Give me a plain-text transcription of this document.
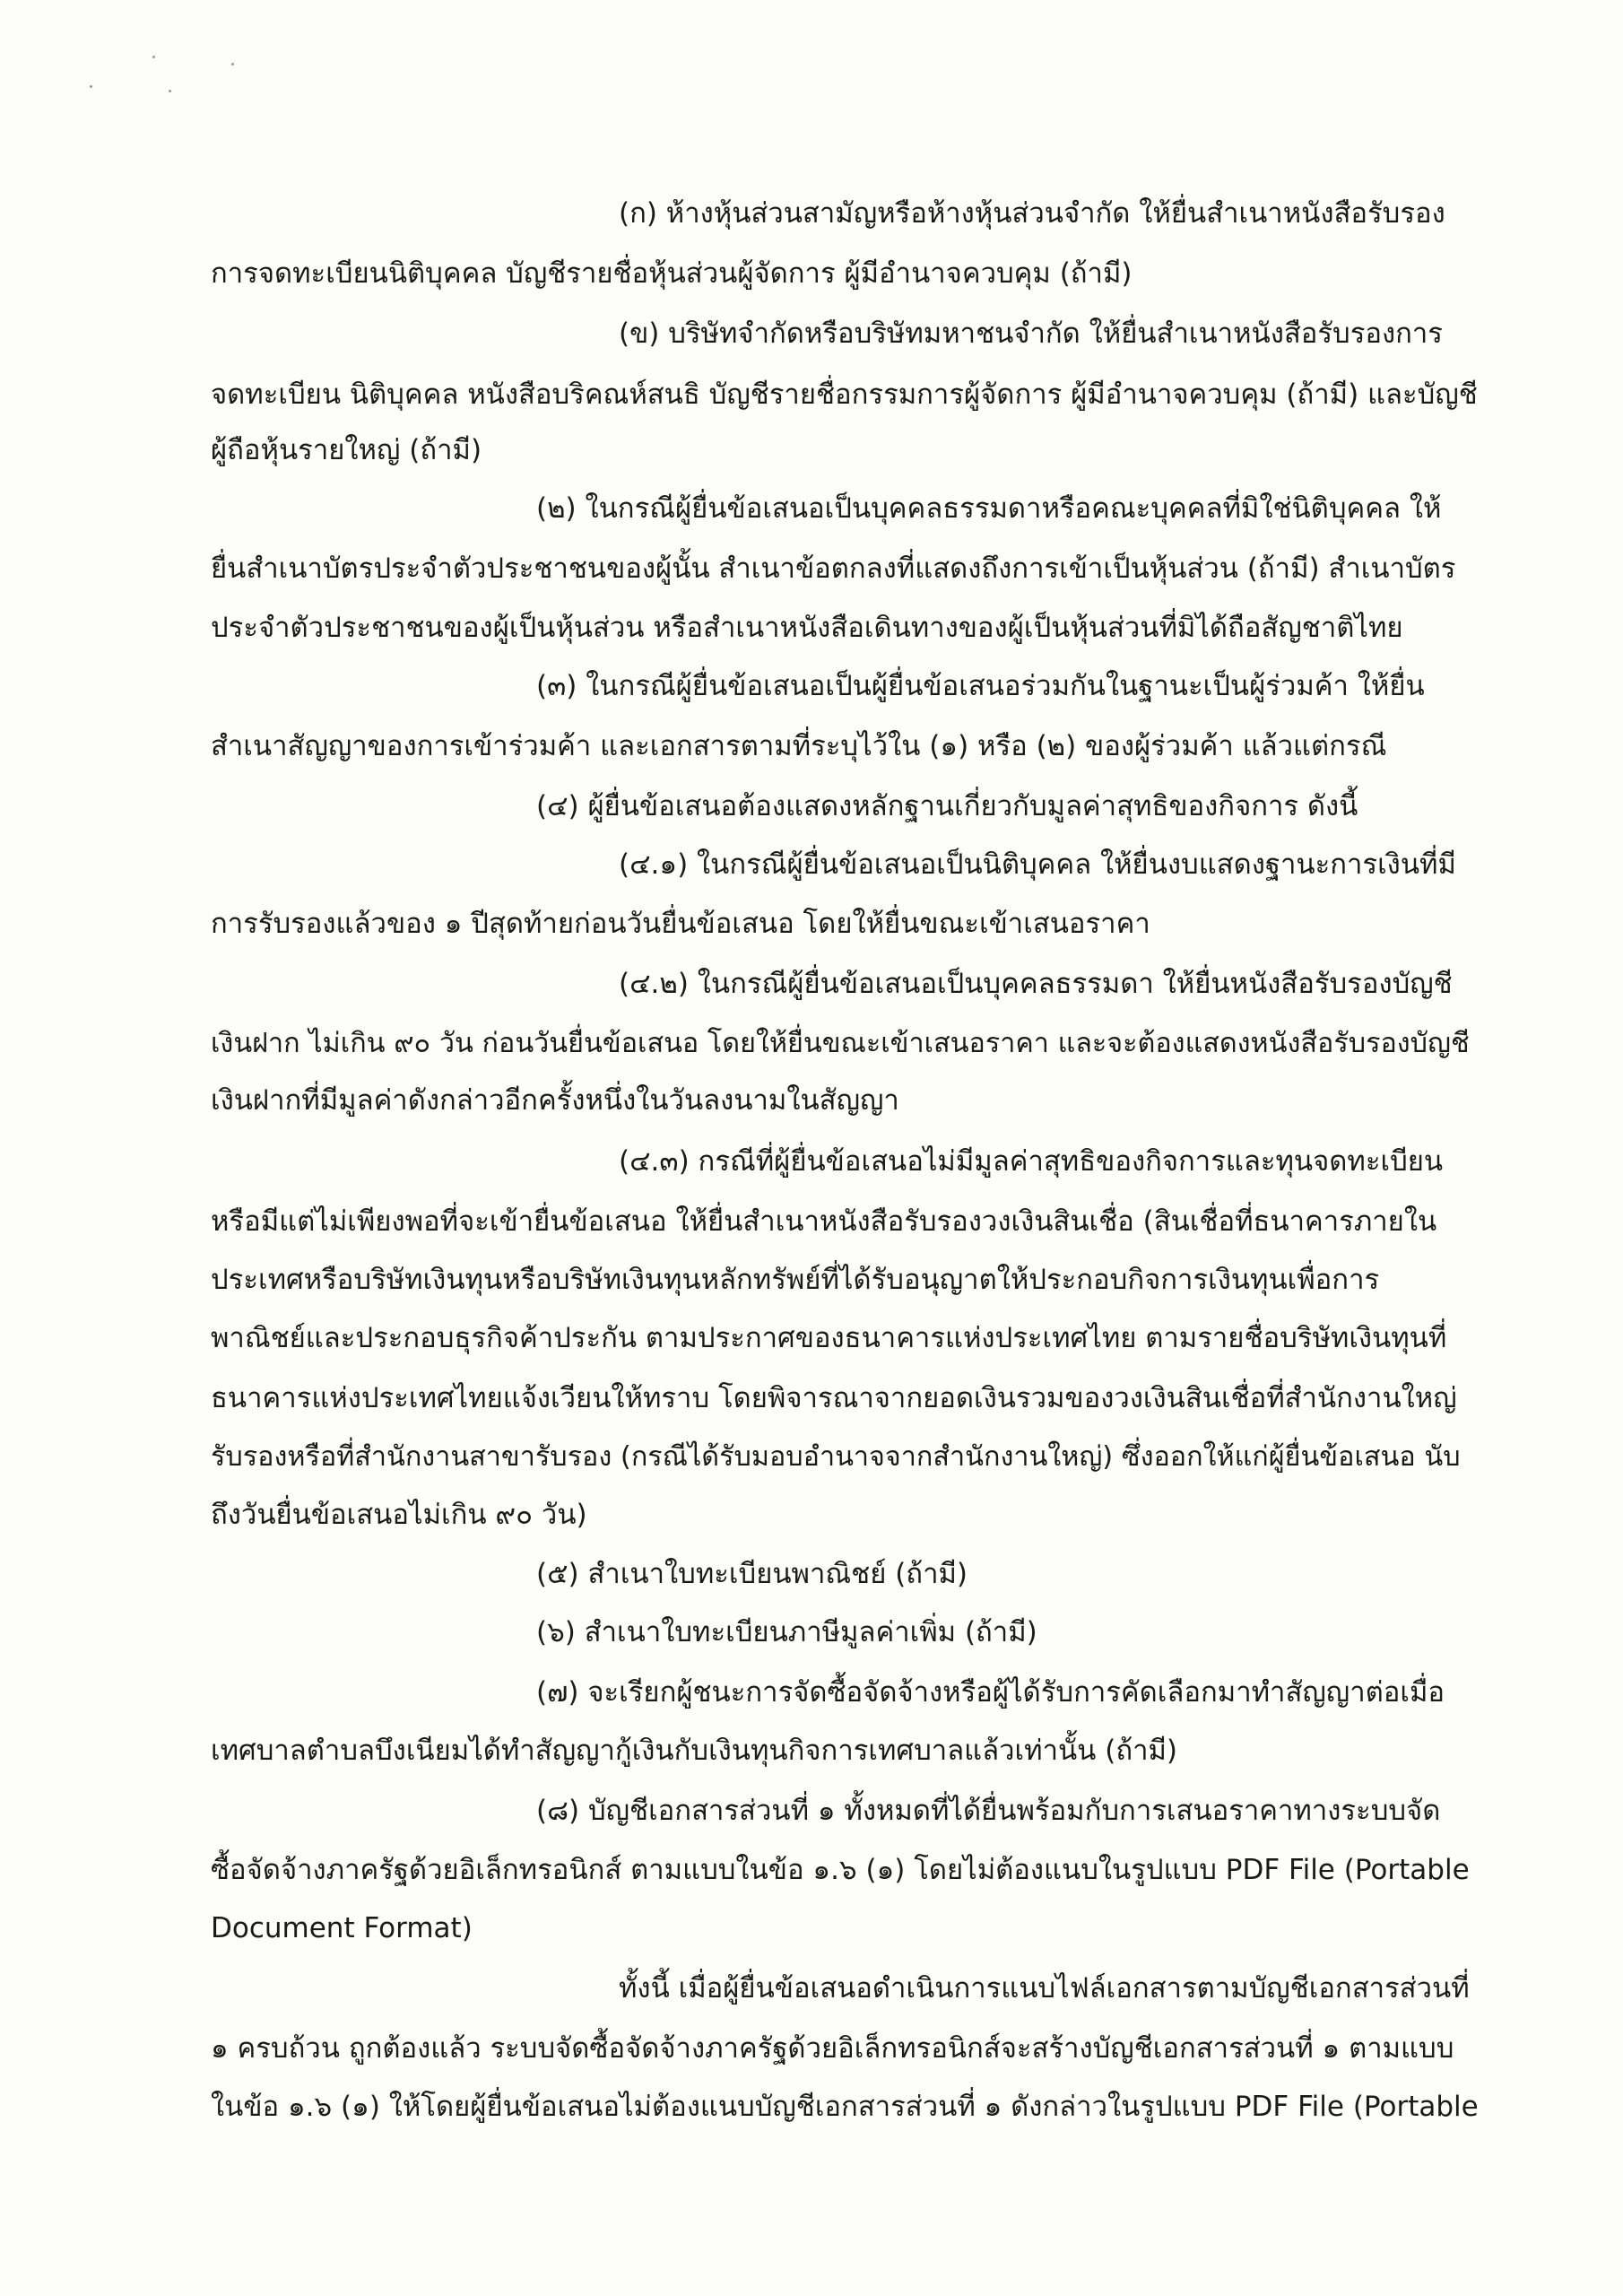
(ก) ห้างหุ้นส่วนสามัญหรือห้างหุ้นส่วนจำกัด ให้ยื่นสำเนาหนังสือรับรอง

การจดทะเบียนนิติบุคคล บัญชีรายชื่อหุ้นส่วนผู้จัดการ ผู้มีอำนาจควบคุม (ถ้ามี)

(ข) บริษัทจำกัดหรือบริษัทมหาชนจำกัด ให้ยื่นสำเนาหนังสือรับรองการ

จดทะเบียน นิติบุคคล หนังสือบริคณห์สนธิ บัญชีรายชื่อกรรมการผู้จัดการ ผู้มีอำนาจควบคุม (ถ้ามี) และบัญชี

ผู้ถือหุ้นรายใหญ่ (ถ้ามี)

(๒) ในกรณีผู้ยื่นข้อเสนอเป็นบุคคลธรรมดาหรือคณะบุคคลที่มิใช่นิติบุคคล ให้

ยื่นสำเนาบัตรประจำตัวประชาชนของผู้นั้น สำเนาข้อตกลงที่แสดงถึงการเข้าเป็นหุ้นส่วน (ถ้ามี) สำเนาบัตร

ประจำตัวประชาชนของผู้เป็นหุ้นส่วน หรือสำเนาหนังสือเดินทางของผู้เป็นหุ้นส่วนที่มิได้ถือสัญชาติไทย

(๓) ในกรณีผู้ยื่นข้อเสนอเป็นผู้ยื่นข้อเสนอร่วมกันในฐานะเป็นผู้ร่วมค้า ให้ยื่น

สำเนาสัญญาของการเข้าร่วมค้า และเอกสารตามที่ระบุไว้ใน (๑) หรือ (๒) ของผู้ร่วมค้า แล้วแต่กรณี

(๔) ผู้ยื่นข้อเสนอต้องแสดงหลักฐานเกี่ยวกับมูลค่าสุทธิของกิจการ ดังนี้

(๔.๑) ในกรณีผู้ยื่นข้อเสนอเป็นนิติบุคคล ให้ยื่นงบแสดงฐานะการเงินที่มี

การรับรองแล้วของ ๑ ปีสุดท้ายก่อนวันยื่นข้อเสนอ โดยให้ยื่นขณะเข้าเสนอราคา

(๔.๒) ในกรณีผู้ยื่นข้อเสนอเป็นบุคคลธรรมดา ให้ยื่นหนังสือรับรองบัญชี

เงินฝาก ไม่เกิน ๙๐ วัน ก่อนวันยื่นข้อเสนอ โดยให้ยื่นขณะเข้าเสนอราคา และจะต้องแสดงหนังสือรับรองบัญชี

เงินฝากที่มีมูลค่าดังกล่าวอีกครั้งหนึ่งในวันลงนามในสัญญา

(๔.๓) กรณีที่ผู้ยื่นข้อเสนอไม่มีมูลค่าสุทธิของกิจการและทุนจดทะเบียน

หรือมีแต่ไม่เพียงพอที่จะเข้ายื่นข้อเสนอ ให้ยื่นสำเนาหนังสือรับรองวงเงินสินเชื่อ (สินเชื่อที่ธนาคารภายใน

ประเทศหรือบริษัทเงินทุนหรือบริษัทเงินทุนหลักทรัพย์ที่ได้รับอนุญาตให้ประกอบกิจการเงินทุนเพื่อการ

พาณิชย์และประกอบธุรกิจค้าประกัน ตามประกาศของธนาคารแห่งประเทศไทย ตามรายชื่อบริษัทเงินทุนที่

ธนาคารแห่งประเทศไทยแจ้งเวียนให้ทราบ โดยพิจารณาจากยอดเงินรวมของวงเงินสินเชื่อที่สำนักงานใหญ่

รับรองหรือที่สำนักงานสาขารับรอง (กรณีได้รับมอบอำนาจจากสำนักงานใหญ่) ซึ่งออกให้แก่ผู้ยื่นข้อเสนอ นับ

ถึงวันยื่นข้อเสนอไม่เกิน ๙๐ วัน)

(๕) สำเนาใบทะเบียนพาณิชย์ (ถ้ามี)

(๖) สำเนาใบทะเบียนภาษีมูลค่าเพิ่ม (ถ้ามี)

(๗) จะเรียกผู้ชนะการจัดซื้อจัดจ้างหรือผู้ได้รับการคัดเลือกมาทำสัญญาต่อเมื่อ

เทศบาลตำบลบึงเนียมได้ทำสัญญากู้เงินกับเงินทุนกิจการเทศบาลแล้วเท่านั้น (ถ้ามี)

(๘) บัญชีเอกสารส่วนที่ ๑ ทั้งหมดที่ได้ยื่นพร้อมกับการเสนอราคาทางระบบจัด

ซื้อจัดจ้างภาครัฐด้วยอิเล็กทรอนิกส์ ตามแบบในข้อ ๑.๖ (๑) โดยไม่ต้องแนบในรูปแบบ PDF File (Portable

Document Format)

ทั้งนี้ เมื่อผู้ยื่นข้อเสนอดำเนินการแนบไฟล์เอกสารตามบัญชีเอกสารส่วนที่

๑ ครบถ้วน ถูกต้องแล้ว ระบบจัดซื้อจัดจ้างภาครัฐด้วยอิเล็กทรอนิกส์จะสร้างบัญชีเอกสารส่วนที่ ๑ ตามแบบ

ในข้อ ๑.๖ (๑) ให้โดยผู้ยื่นข้อเสนอไม่ต้องแนบบัญชีเอกสารส่วนที่ ๑ ดังกล่าวในรูปแบบ PDF File (Portable
